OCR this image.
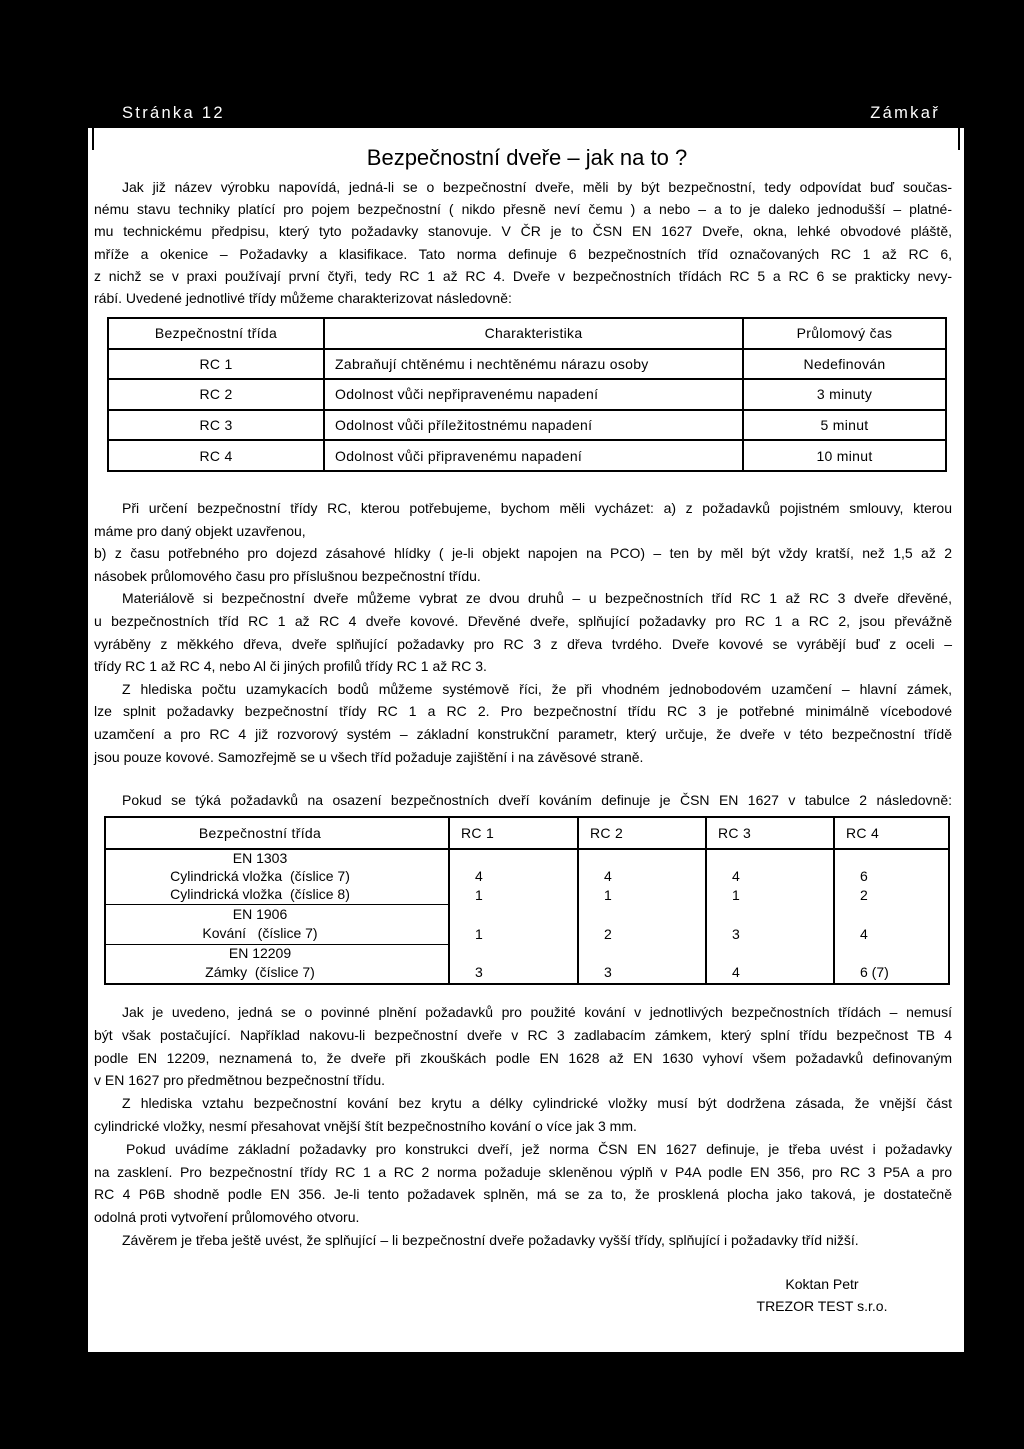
Stránka 12	Zámkař
Bezpečnostní dveře – jak na to ?
Jak již název výrobku napovídá, jedná-li se o bezpečnostní dveře, měli by být bezpečnostní, tedy odpovídat buď součas-
nému stavu techniky platící pro pojem bezpečnostní ( nikdo přesně neví čemu ) a nebo – a to je daleko jednodušší – platné-
mu technickému předpisu, který tyto požadavky stanovuje. V ČR je to ČSN EN 1627 Dveře, okna, lehké obvodové pláště,
mříže a okenice – Požadavky a klasifikace. Tato norma definuje 6 bezpečnostních tříd označovaných RC 1 až RC 6,
z nichž se v praxi používají první čtyři, tedy RC 1 až RC 4. Dveře v bezpečnostních třídách RC 5 a RC 6 se prakticky nevy-
rábí. Uvedené jednotlivé třídy můžeme charakterizovat následovně:
Bezpečnostní třída	Charakteristika	Průlomový čas
RC 1	Zabraňují chtěnému i nechtěnému nárazu osoby	Nedefinován
RC 2	Odolnost vůči nepřipravenému napadení	3 minuty
RC 3	Odolnost vůči příležitostnému napadení	5 minut
RC 4	Odolnost vůči připravenému napadení	10 minut
Při určení bezpečnostní třídy RC, kterou potřebujeme, bychom měli vycházet: a) z požadavků pojistném smlouvy, kterou
máme pro daný objekt uzavřenou,
b) z času potřebného pro dojezd zásahové hlídky ( je-li objekt napojen na PCO) – ten by měl být vždy kratší, než 1,5 až 2
násobek průlomového času pro příslušnou bezpečnostní třídu.
Materiálově si bezpečnostní dveře můžeme vybrat ze dvou druhů – u bezpečnostních tříd RC 1 až RC 3 dveře dřevěné,
u bezpečnostních tříd RC 1 až RC 4 dveře kovové. Dřevěné dveře, splňující požadavky pro RC 1 a RC 2, jsou převážně
vyráběny z měkkého dřeva, dveře splňující požadavky pro RC 3 z dřeva tvrdého. Dveře kovové se vyrábějí buď z oceli –
třídy RC 1 až RC 4, nebo Al či jiných profilů třídy RC 1 až RC 3.
Z hlediska počtu uzamykacích bodů můžeme systémově říci, že při vhodném jednobodovém uzamčení – hlavní zámek,
lze splnit požadavky bezpečnostní třídy RC 1 a RC 2. Pro bezpečnostní třídu RC 3 je potřebné minimálně vícebodové
uzamčení a pro RC 4 již rozvorový systém – základní konstrukční parametr, který určuje, že dveře v této bezpečnostní třídě
jsou pouze kovové. Samozřejmě se u všech tříd požaduje zajištění i na závěsové straně.
Pokud se týká požadavků na osazení bezpečnostních dveří kováním definuje je ČSN EN 1627 v tabulce 2 následovně:
Bezpečnostní třída	RC 1	RC 2	RC 3	RC 4
EN 1303				
Cylindrická vložka  (číslice 7)	4	4	4	6
Cylindrická vložka  (číslice 8)	1	1	1	2
EN 1906				
Kování   (číslice 7)	1	2	3	4
EN 12209				
Zámky  (číslice 7)	3	3	4	6 (7)
Jak je uvedeno, jedná se o povinné plnění požadavků pro použité kování v jednotlivých bezpečnostních třídách – nemusí
být však postačující. Například nakovu-li bezpečnostní dveře v RC 3 zadlabacím zámkem, který splní třídu bezpečnost TB 4
podle EN 12209, neznamená to, že dveře při zkouškách podle EN 1628 až EN 1630 vyhoví všem požadavků definovaným
v EN 1627 pro předmětnou bezpečnostní třídu.
Z hlediska vztahu bezpečnostní kování bez krytu a délky cylindrické vložky musí být dodržena zásada, že vnější část
cylindrické vložky, nesmí přesahovat vnější štít bezpečnostního kování o více jak 3 mm.
Pokud uvádíme základní požadavky pro konstrukci dveří, jež norma ČSN EN 1627 definuje, je třeba uvést i požadavky
na zasklení. Pro bezpečnostní třídy RC 1 a RC 2 norma požaduje skleněnou výplň v P4A podle EN 356, pro RC 3 P5A a pro
RC 4 P6B shodně podle EN 356. Je-li tento požadavek splněn, má se za to, že prosklená plocha jako taková, je dostatečně
odolná proti vytvoření průlomového otvoru.
Závěrem je třeba ještě uvést, že splňující – li bezpečnostní dveře požadavky vyšší třídy, splňující i požadavky tříd nižší.
Koktan Petr
TREZOR TEST s.r.o.
